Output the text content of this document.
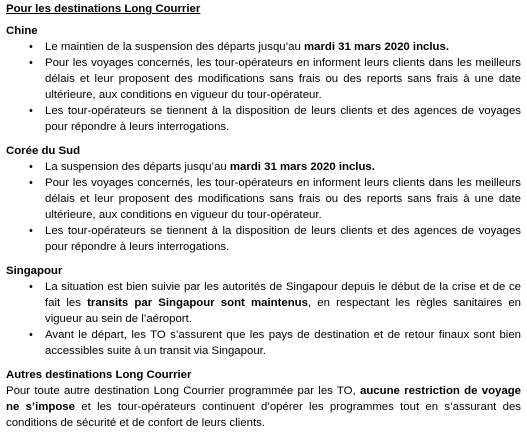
Pour les destinations Long Courrier

Chine

• Le maintien de la suspension des départs jusqu’au mardi 31 mars 2020 inclus.
• Pour les voyages concernés, les tour-opérateurs en informent leurs clients dans les meilleurs délais et leur proposent des modifications sans frais ou des reports sans frais à une date ultérieure, aux conditions en vigueur du tour-opérateur.
• Les tour-opérateurs se tiennent à la disposition de leurs clients et des agences de voyages pour répondre à leurs interrogations.

Corée du Sud

• La suspension des départs jusqu’au mardi 31 mars 2020 inclus.
• Pour les voyages concernés, les tour-opérateurs en informent leurs clients dans les meilleurs délais et leur proposent des modifications sans frais ou des reports sans frais à une date ultérieure, aux conditions en vigueur du tour-opérateur.
• Les tour-opérateurs se tiennent à la disposition de leurs clients et des agences de voyages pour répondre à leurs interrogations.

Singapour

• La situation est bien suivie par les autorités de Singapour depuis le début de la crise et de ce fait les transits par Singapour sont maintenus, en respectant les règles sanitaires en vigueur au sein de l’aéroport.
• Avant le départ, les TO s’assurent que les pays de destination et de retour finaux sont bien accessibles suite à un transit via Singapour.

Autres destinations Long Courrier

Pour toute autre destination Long Courrier programmée par les TO, aucune restriction de voyage ne s’impose et les tour-opérateurs continuent d’opérer les programmes tout en s’assurant des conditions de sécurité et de confort de leurs clients.
